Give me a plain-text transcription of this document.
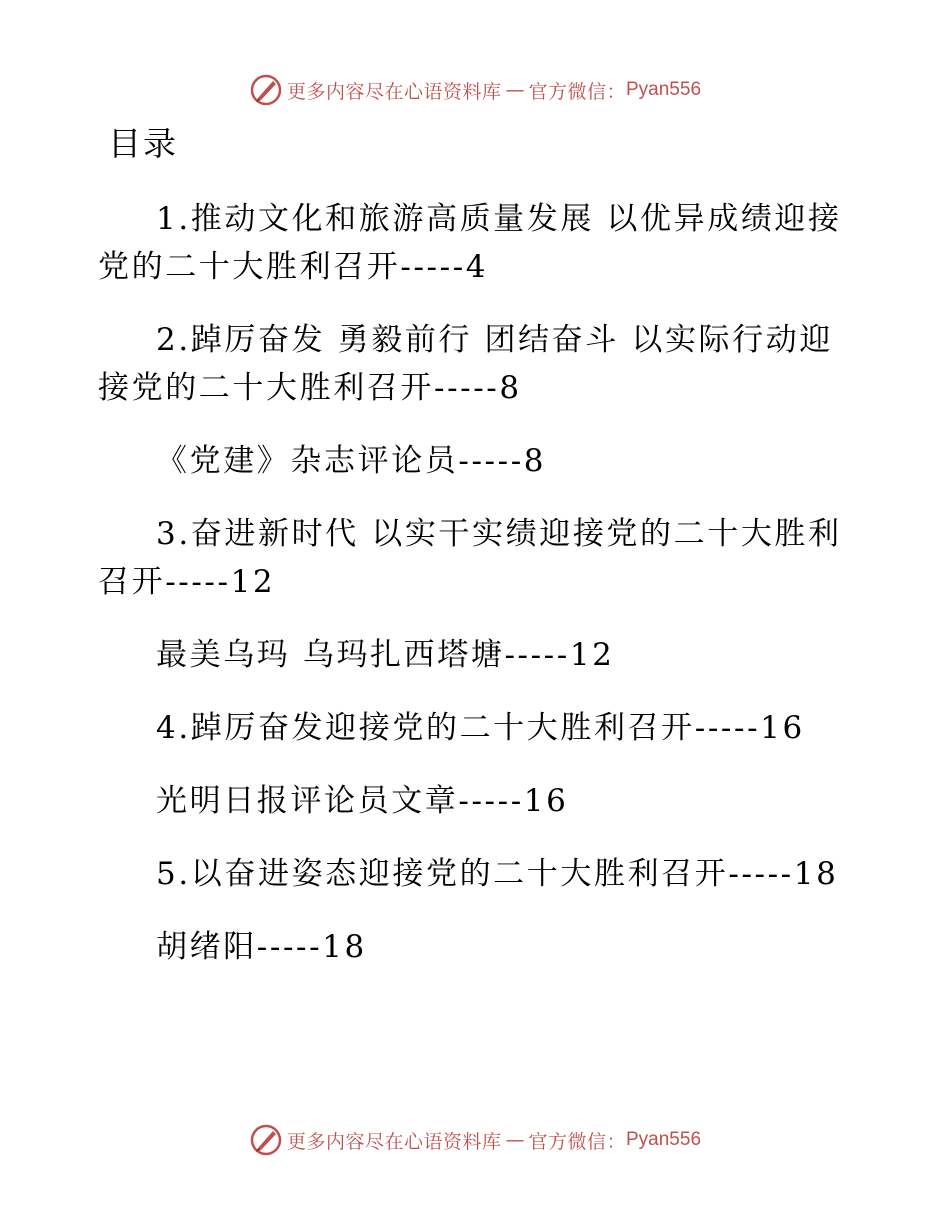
更多内容尽在心语资料库 — 官方微信： Pyan556
目录

1.推动文化和旅游高质量发展 以优异成绩迎接党的二十大胜利召开-----4

2.踔厉奋发 勇毅前行 团结奋斗 以实际行动迎接党的二十大胜利召开-----8

《党建》杂志评论员-----8

3.奋进新时代 以实干实绩迎接党的二十大胜利召开-----12

最美乌玛 乌玛扎西塔塘-----12

4.踔厉奋发迎接党的二十大胜利召开-----16

光明日报评论员文章-----16

5.以奋进姿态迎接党的二十大胜利召开-----18

胡绪阳-----18

更多内容尽在心语资料库 — 官方微信： Pyan556
